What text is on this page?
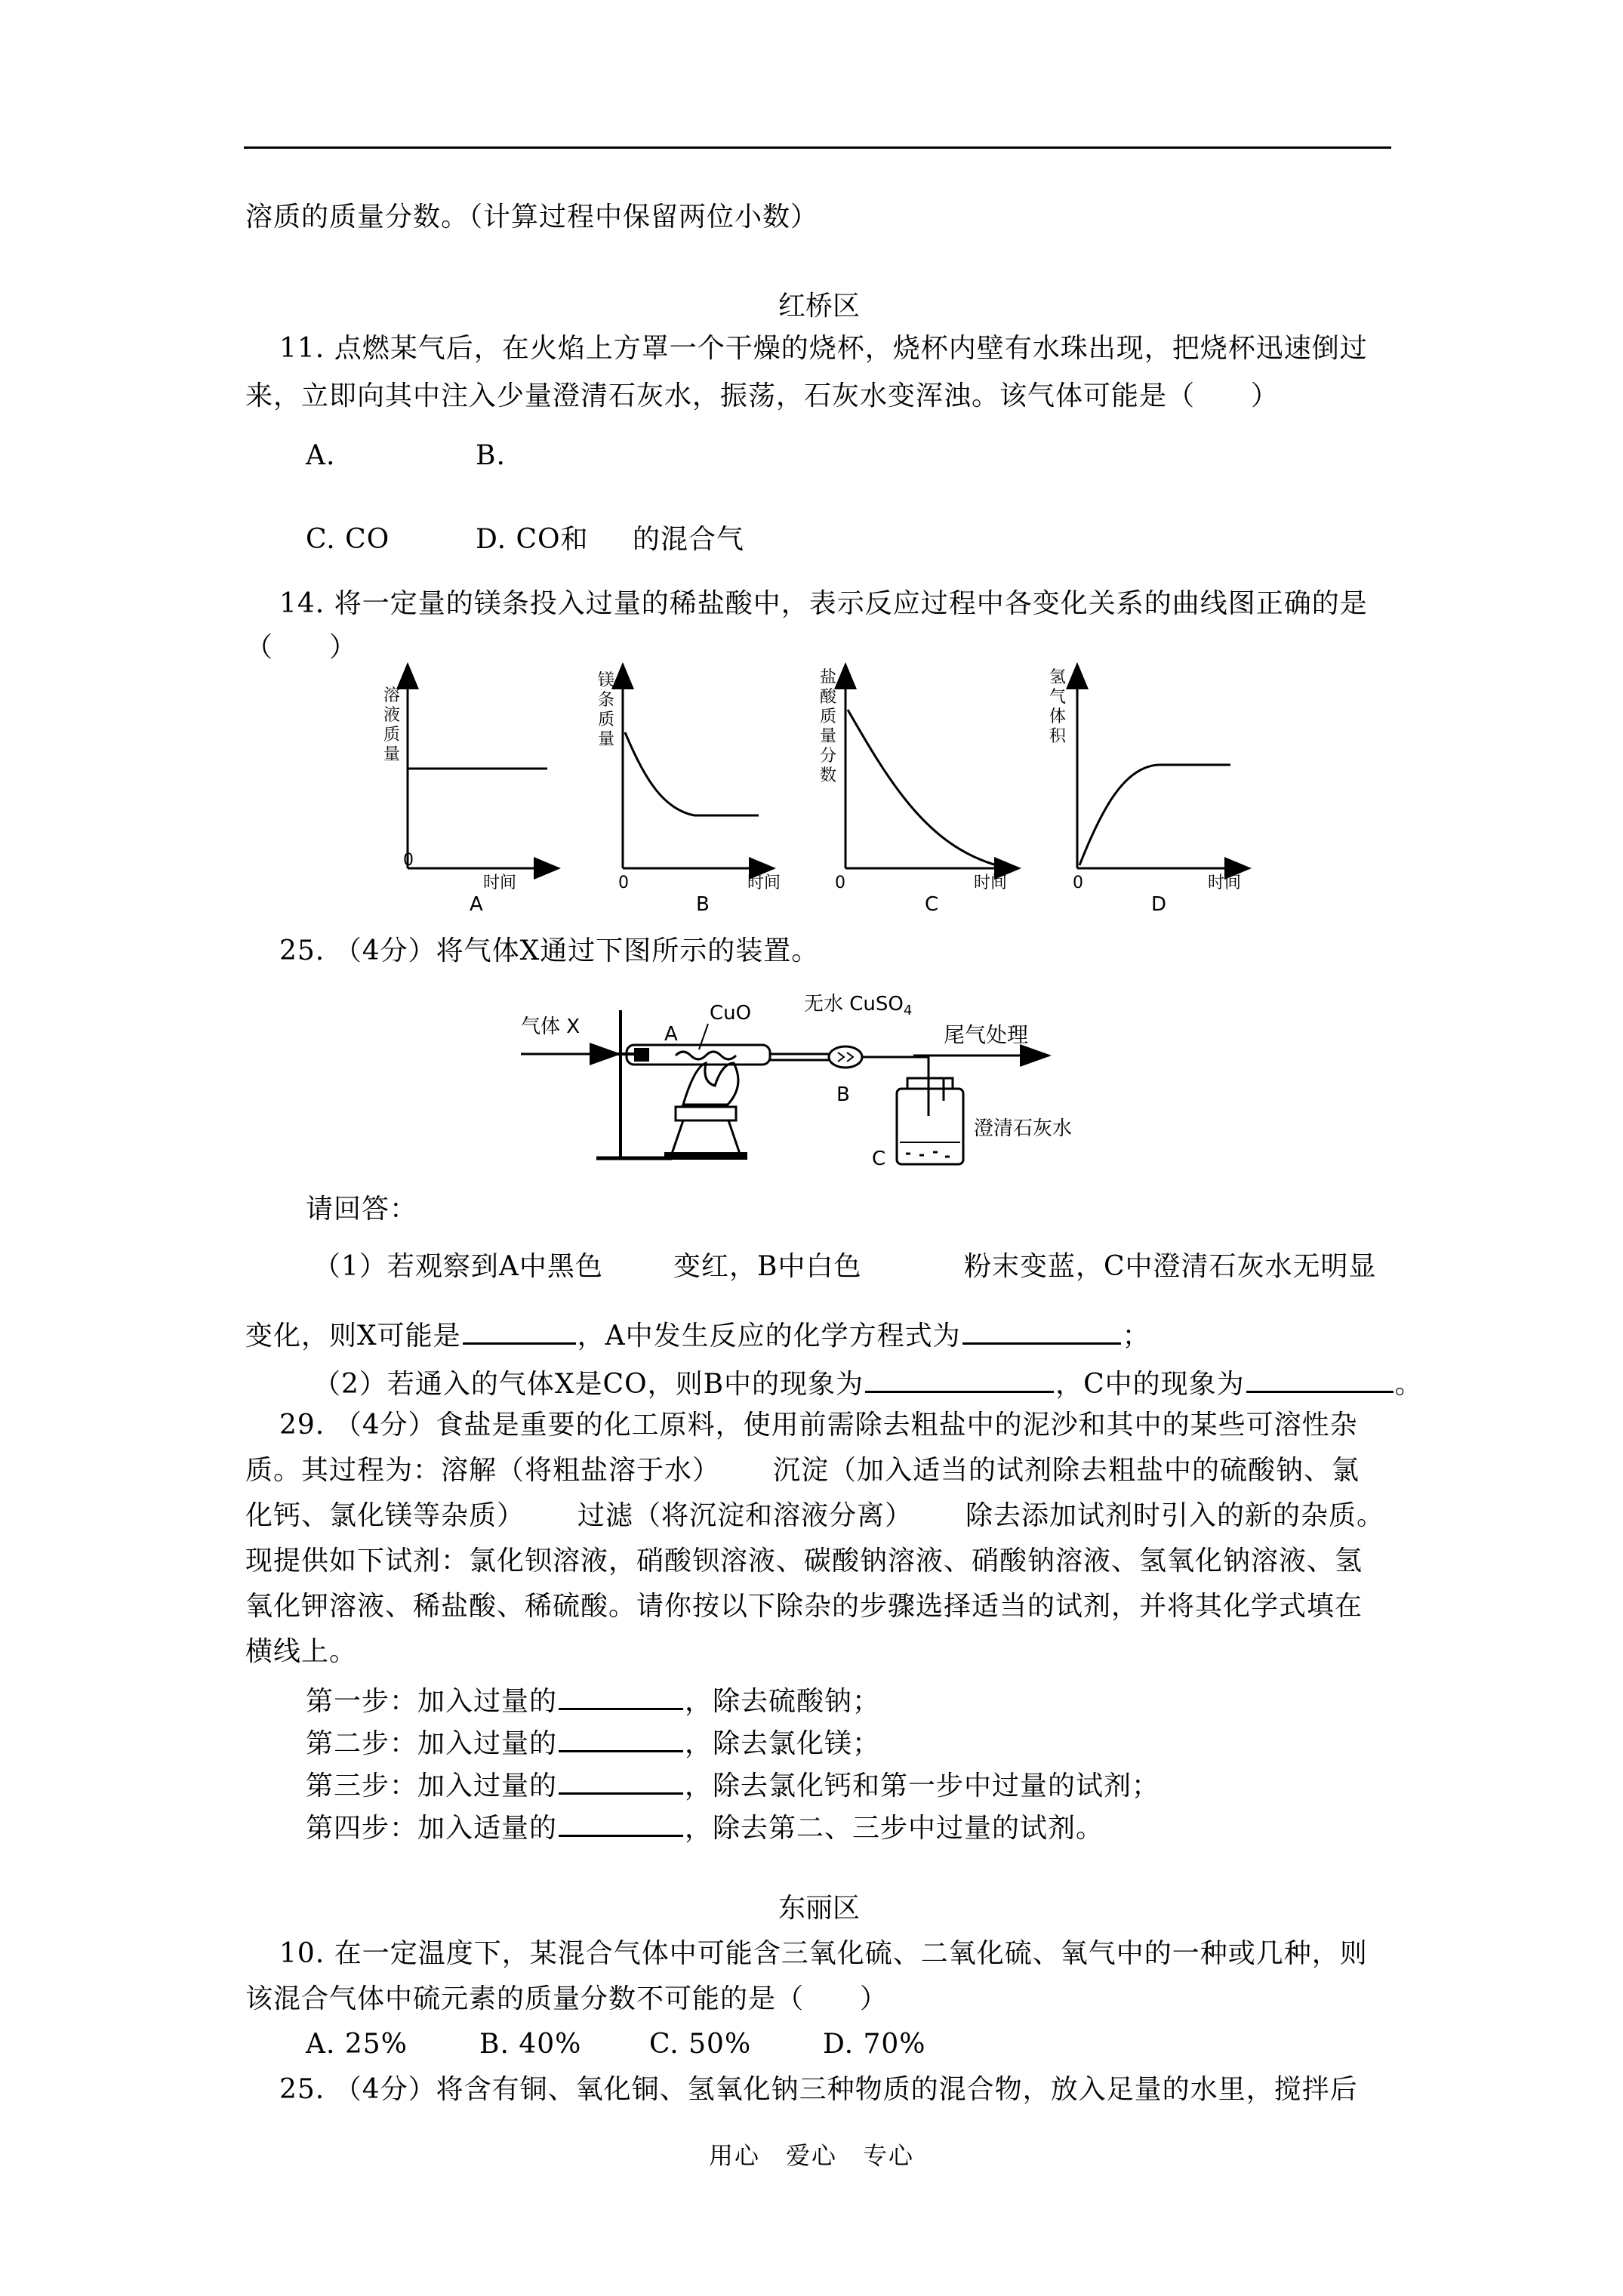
溶质的质量分数。（计算过程中保留两位小数）
红桥区
11. 点燃某气后，在火焰上方罩一个干燥的烧杯，烧杯内壁有水珠出现，把烧杯迅速倒过
来，立即向其中注入少量澄清石灰水，振荡，石灰水变浑浊。该气体可能是（　　）
A.	B.
C. CO	D. CO和 的混合气
14. 将一定量的镁条投入过量的稀盐酸中，表示反应过程中各变化关系的曲线图正确的是
（　　）
溶
液
质
量
0
时间
A
镁
条
质
量
0	时间
B
盐
酸
质
量
分
数
0	时间
C
氢
气
体
积
0	时间
D
25. （4分）将气体X通过下图所示的装置。
气体 X	A
CuO	无水 CuSO$_4$
B
尾气处理
C
澄清石灰水
请回答：
（1）若观察到A中黑色	变红，B中白色	粉末变蓝，C中澄清石灰水无明显
变化，则X可能是	，A中发生反应的化学方程式为	；
（2）若通入的气体X是CO，则B中的现象为	，C中的现象为	。
29. （4分）食盐是重要的化工原料，使用前需除去粗盐中的泥沙和其中的某些可溶性杂
质。其过程为：溶解（将粗盐溶于水） 沉淀（加入适当的试剂除去粗盐中的硫酸钠、氯
化钙、氯化镁等杂质） 过滤（将沉淀和溶液分离） 除去添加试剂时引入的新的杂质。
现提供如下试剂：氯化钡溶液，硝酸钡溶液、碳酸钠溶液、硝酸钠溶液、氢氧化钠溶液、氢
氧化钾溶液、稀盐酸、稀硫酸。请你按以下除杂的步骤选择适当的试剂，并将其化学式填在
横线上。
第一步：加入过量的	，除去硫酸钠；
第二步：加入过量的	，除去氯化镁；
第三步：加入过量的	，除去氯化钙和第一步中过量的试剂；
第四步：加入适量的	，除去第二、三步中过量的试剂。
东丽区
10. 在一定温度下，某混合气体中可能含三氧化硫、二氧化硫、氧气中的一种或几种，则
该混合气体中硫元素的质量分数不可能的是（　　）
A. 25%	B. 40% C. 50%	D. 70%
25. （4分）将含有铜、氧化铜、氢氧化钠三种物质的混合物，放入足量的水里，搅拌后
用心　爱心　专心
